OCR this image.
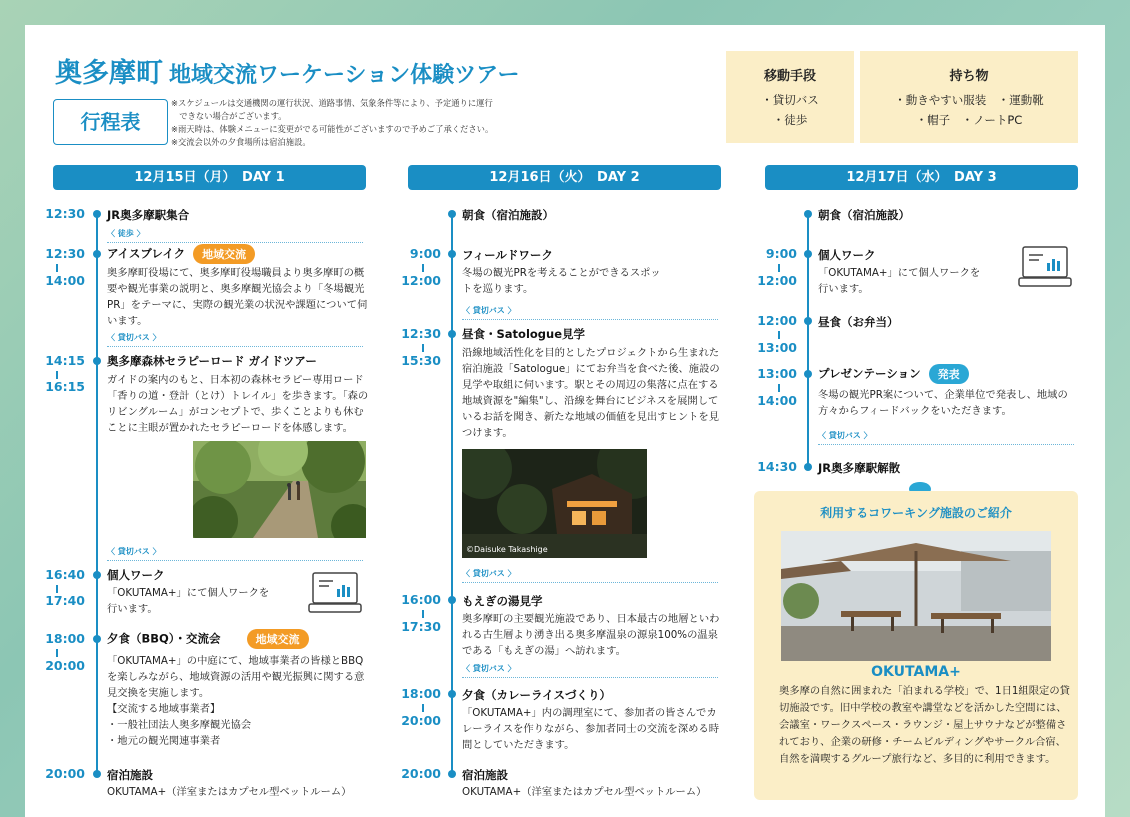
奥多摩町 地域交流ワーケーション体験ツアー
行程表
※スケジュールは交通機関の運行状況、道路事情、気象条件等により、予定通りに運行
　できない場合がございます。
※雨天時は、体験メニューに変更がでる可能性がございますので予めご了承ください。
※交流会以外の夕食場所は宿泊施設。
移動手段
・貸切バス
・徒歩
持ち物
・動きやすい服装　・運動靴
・帽子　・ノートPC
12月15日（月）　DAY 1	12月16日（火）　DAY 2	12月17日（水）　DAY 3
12:30 JR奥多摩駅集合
〈 徒歩 〉
12:30
14:00
アイスブレイク 地域交流
奥多摩町役場にて、奥多摩町役場職員より奥多摩町の概要や観光事業の説明と、奥多摩観光協会より「冬場観光PR」をテーマに、実際の観光業の状況や課題について伺います。
〈 貸切バス 〉
14:15
16:15
奥多摩森林セラピーロード ガイドツアー
ガイドの案内のもと、日本初の森林セラピー専用ロード「香りの道・登計（とけ）トレイル」を歩きます。「森のリビングルーム」がコンセプトで、歩くことよりも休むことに主眼が置かれたセラピーロードを体感します。
〈 貸切バス 〉
16:40
17:40
個人ワーク
「OKUTAMA+」にて個人ワークを行います。
18:00
20:00
夕食（BBQ）・交流会	地域交流
「OKUTAMA+」の中庭にて、地域事業者の皆様とBBQを楽しみながら、地域資源の活用や観光振興に関する意見交換を実施します。
【交流する地域事業者】
・一般社団法人奥多摩観光協会
・地元の観光関連事業者
20:00 宿泊施設
OKUTAMA+（洋室またはカプセル型ベットルーム）
朝食（宿泊施設）
9:00
12:00
フィールドワーク
冬場の観光PRを考えることができるスポットを巡ります。
〈 貸切バス 〉
12:30
15:30
昼食・Satologue見学
沿線地域活性化を目的としたプロジェクトから生まれた宿泊施設「Satologue」にてお弁当を食べた後、施設の見学や取組に伺います。駅とその周辺の集落に点在する地域資源を"編集"し、沿線を舞台にビジネスを展開しているお話を聞き、新たな地域の価値を見出すヒントを見つけます。
©Daisuke Takashige
〈 貸切バス 〉
16:00
17:30
もえぎの湯見学
奥多摩町の主要観光施設であり、日本最古の地層といわれる古生層より湧き出る奥多摩温泉の源泉100%の温泉である「もえぎの湯」へ訪れます。
〈 貸切バス 〉
18:00
20:00
夕食（カレーライスづくり）
「OKUTAMA+」内の調理室にて、参加者の皆さんでカレーライスを作りながら、参加者同士の交流を深める時間としていただきます。
20:00 宿泊施設
OKUTAMA+（洋室またはカプセル型ベットルーム）
朝食（宿泊施設）
9:00
12:00
個人ワーク
「OKUTAMA+」にて個人ワークを行います。
12:00
13:00
昼食（お弁当）
13:00
14:00
プレゼンテーション 発表
冬場の観光PR案について、企業単位で発表し、地域の方々からフィードバックをいただきます。
〈 貸切バス 〉
14:30 JR奥多摩駅解散
利用するコワーキング施設のご紹介
OKUTAMA+
奥多摩の自然に囲まれた「泊まれる学校」で、1日1組限定の貸切施設です。旧中学校の教室や講堂などを活かした空間には、会議室・ワークスペース・ラウンジ・屋上サウナなどが整備されており、企業の研修・チームビルディングやサークル合宿、自然を満喫するグループ旅行など、多目的に利用できます。
